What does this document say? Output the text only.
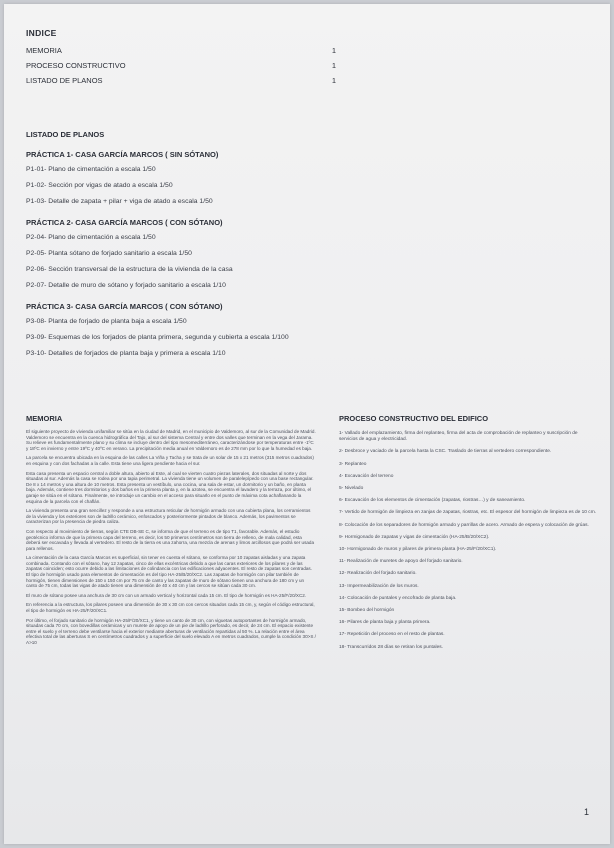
INDICE
MEMORIA	1
PROCESO CONSTRUCTIVO	1
LISTADO DE PLANOS	1
LISTADO DE PLANOS
PRÁCTICA 1- CASA GARCÍA MARCOS ( SIN SÓTANO)
P1-01- Plano de cimentación a escala 1/50
P1-02- Sección por vigas de atado a escala 1/50
P1-03- Detalle de zapata + pilar + viga de atado a escala 1/50
PRÁCTICA 2- CASA GARCÍA MARCOS ( CON SÓTANO)
P2-04- Plano de cimentación a escala 1/50
P2-05- Planta sótano de forjado sanitario a escala 1/50
P2-06- Sección transversal de la estructura de la vivienda de la casa
P2-07- Detalle de muro de sótano y forjado sanitario a escala 1/10
PRÁCTICA 3- CASA GARCÍA MARCOS ( CON SÓTANO)
P3-08- Planta de forjado de planta baja a escala 1/50
P3-09- Esquemas de los forjados de planta primera, segunda y cubierta a escala 1/100
P3-10- Detalles de forjados de planta baja y primera a escala 1/10
MEMORIA

El siguiente proyecto de vivienda unifamiliar se sitúa en la ciudad de Madrid, en el municipio de Valdemoro, al sur de la Comunidad de Madrid. Valdemoro se encuentra en la cuenca hidrográfica del Tajo, al sur del sistema Central y entre dos valles que terminan en la vega del Jarama. Su relieve es fundamentalmente plano y su clima se incluye dentro del tipo mesomediterráneo, caracterizándose por temperaturas entre -1ºC y 18ºC en invierno y entre 19ºC y 40ºC en verano. La precipitación media anual en Valdemoro es de 278 mm por lo que la humedad es baja.

La parcela se encuentra ubicada en la esquina de las calles La Viña y Tacha y se trata de un solar de 15 x 21 metros (315 metros cuadrados) en esquina y con dos fachadas a la calle. Esta tiene una ligera pendiente hacia el sur.

Esta casa presenta un espacio central a doble altura, abierto al Este, al cual se vierten cuatro piezas laterales, dos situadas al norte y dos situadas al sur. Además la casa se rodea por una tapia perimetral. La vivienda tiene un volumen de paralelepípedo con una base rectangular. De 8 x 14 metros y una altura de 10 metros. Esta presenta un vestíbulo, una cocina, una sala de estar, un dormitorio y un baño, en planta baja. Además, contiene tres dormitorios y dos baños en la primera planta y, en la azotea, se encuentra el lavadero y la terraza, por último, el garaje se sitúa en el sótano. Finalmente, se introduje un cambio en el acceso para situarlo en el punto de máxima cota achaflanando la esquina de la parcela con el chaflán.

La vivienda presenta una gran sencillez y responde a una estructura reticular de hormigón armado con una cubierta plana, los cerramientos de la vivienda y los exteriores son de ladrillo cerámico, enfoscados y posteriormente pintados de blanco. Además, los pavimentos se caracterizan por la presencia de piedra caliza.

Con respecto al movimiento de tierras, según CTE DB-SE C, se informa de que el terreno es de tipo T1, favorable. Además, el estudio geotécnico informa de que la primera capa del terreno, es decir, los 50 primeros centímetros son tierra de relleno, de mala calidad, esta deberá ser excavada y llevada al vertedero. El resto de la tierra es una zahorra, una mezcla de arenas y limos arcillosos que podrá ser usada para rellenos.

La cimentación de la casa García Marcos es superficial, sin tener en cuenta el sótano, se conforma por 10 zapatas aisladas y una zapata combinada. Contando con el sótano, hay 12 zapatas, cinco de ellas excéntricas debido a que las caras exteriores de los pilares y de las zapatas coinciden; esto ocurre debido a las limitaciones de colindancia con las edificaciones adyacentes. El resto de zapatas son centradas. El tipo de hormigón usado para elementos de cimentación es del tipo HA-25/B/20/XC2. Las zapatas de hormigón con pilar también de hormigón, tienen dimensiones de 150 x 150 cm por 75 cm de canto y las zapatas de muro de sótano tienen una anchura de 180 cm y un canto de 75 cm, todas las vigas de atado tienen una dimensión de 40 x 40 cm y las cercos se sitúan cada 30 cm.

El muro de sótano posee una anchura de 30 cm con un armado vertical y horizontal cada 15 cm. El tipo de hormigón es HA-25/F/20/XC2.

En referencia a la estructura, los pilares poseen una dimensión de 30 x 30 cm con cercos situados cada 15 cm, y, según el código estructural, el tipo de hormigón es HA-25/F/20/XC1.

Por último, el forjado sanitario de hormigón HA-25/F/20/XC1, y tiene un canto de 30 cm, con viguetas autoportantes de hormigón armado, situadas cada 70 cm, con bovedillas cerámicas y un murete de apoyo de un pie de ladrillo perforado, es decir, de 24 cm. El espacio existente entre el suelo y el terreno debe ventilarse hacia el exterior mediante aberturas de ventilación repartidas al 50 %. La relación entre el área efectiva total de las aberturas S en centímetros cuadrados y a superficie del suelo elevado A en metros cuadrados, cumple la condición 30>S / A>10

PROCESO CONSTRUCTIVO DEL EDIFICO

1- Vallado del emplazamiento, firma del replanteo, firma del acta de comprobación de replanteo y suscripción de servicios de agua y electricidad.

2- Desbroce y vaciado de la parcela hasta la CSC. Traslado de tierras al vertedero correspondiente.

3- Replanteo

4- Excavación del terreno

5- Nivelado

6- Excavación de los elementos de cimentación (zapatas, riostras…) y de saneamiento.

7- Vertido de hormigón de limpieza en zanjas de zapatas, riostras, etc. El espesor del hormigón de limpieza es de 10 cm.

8- Colocación de los separadores de hormigón armado y parrillas de acero. Armado de espera y colocación de grúas.

9- Hormigonado de zapatas y vigas de cimentación (HA-25/B/20/XC2).

10- Hormigonado de muros y pilares de primera planta (HA-25/F/20/XC1).

11- Realización de muretes de apoyo del forjado sanitario.

12- Realización del forjado sanitario.

13- Impermeabilización de los muros.

14- Colocación de puntales y encofrado de planta baja.

15- Bombeo del hormigón

16- Pilares de planta baja y planta primera.

17- Repetición del proceso en el resto de plantas.

18- Transcurridos 28 días se retiran los puntales.

1
